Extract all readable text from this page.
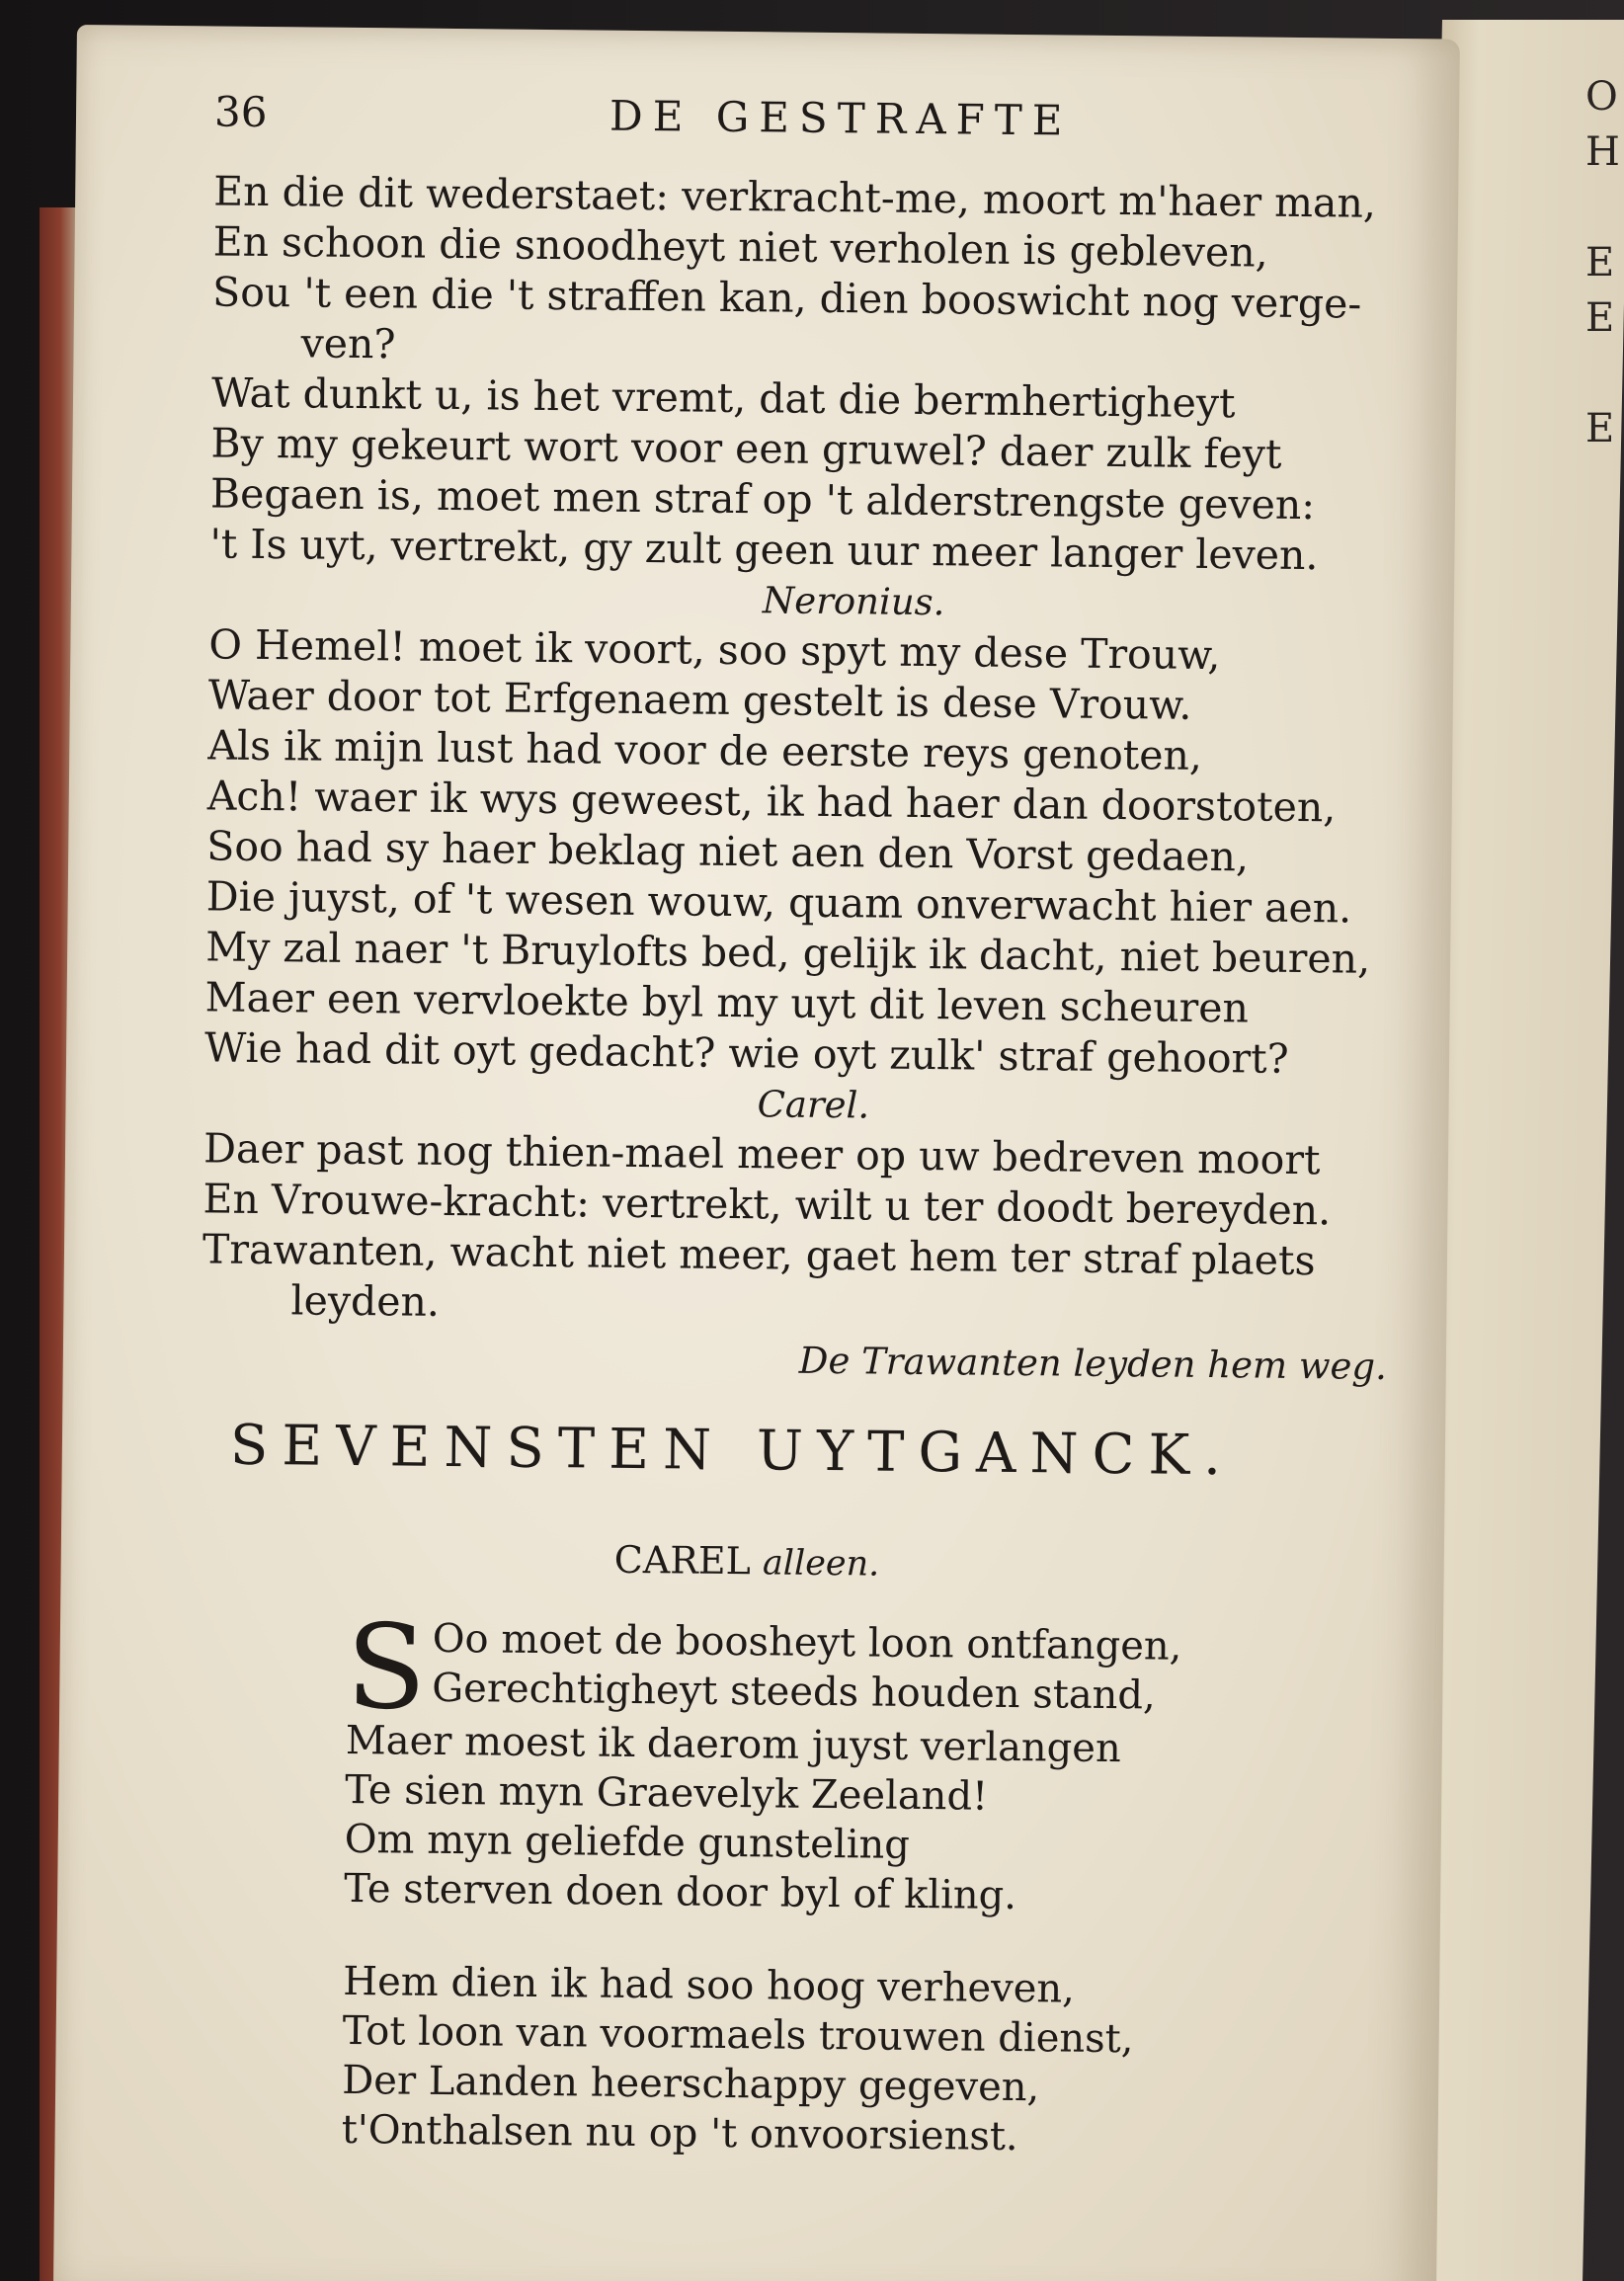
O
H

E
E

E
36	DE GESTRAFTE
En die dit wederstaet: verkracht-me, moort m'haer man,
En schoon die snoodheyt niet verholen is gebleven,
Sou 't een die 't straffen kan, dien booswicht nog verge-
ven?
Wat dunkt u, is het vremt, dat die bermhertigheyt
By my gekeurt wort voor een gruwel? daer zulk feyt
Begaen is, moet men straf op 't alderstrengste geven:
't Is uyt, vertrekt, gy zult geen uur meer langer leven.
Neronius.
O Hemel! moet ik voort, soo spyt my dese Trouw,
Waer door tot Erfgenaem gestelt is dese Vrouw.
Als ik mijn lust had voor de eerste reys genoten,
Ach! waer ik wys geweest, ik had haer dan doorstoten,
Soo had sy haer beklag niet aen den Vorst gedaen,
Die juyst, of 't wesen wouw, quam onverwacht hier aen.
My zal naer 't Bruylofts bed, gelijk ik dacht, niet beuren,
Maer een vervloekte byl my uyt dit leven scheuren
Wie had dit oyt gedacht? wie oyt zulk' straf gehoort?
Carel.
Daer past nog thien-mael meer op uw bedreven moort
En Vrouwe-kracht: vertrekt, wilt u ter doodt bereyden.
Trawanten, wacht niet meer, gaet hem ter straf plaets
leyden.
De Trawanten leyden hem weg.
SEVENSTEN UYTGANCK.
CAREL alleen.
S Oo moet de boosheyt loon ontfangen,
Gerechtigheyt steeds houden stand,
Maer moest ik daerom juyst verlangen
Te sien myn Graevelyk Zeeland!
Om myn geliefde gunsteling
Te sterven doen door byl of kling.
Hem dien ik had soo hoog verheven,
Tot loon van voormaels trouwen dienst,
Der Landen heerschappy gegeven,
t'Onthalsen nu op 't onvoorsienst.
